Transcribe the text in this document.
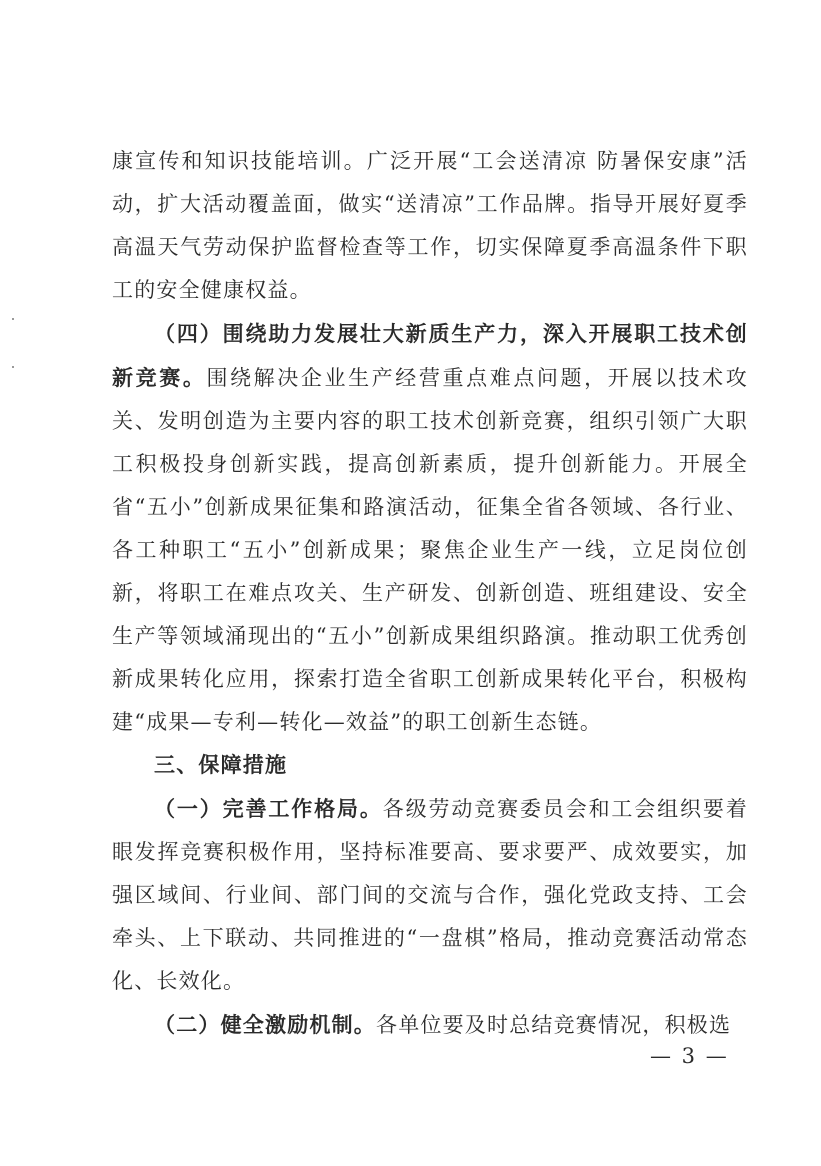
康宣传和知识技能培训。广泛开展“工会送清凉 防暑保安康”活动，扩大活动覆盖面，做实“送清凉”工作品牌。指导开展好夏季高温天气劳动保护监督检查等工作，切实保障夏季高温条件下职工的安全健康权益。

（四）围绕助力发展壮大新质生产力，深入开展职工技术创新竞赛。围绕解决企业生产经营重点难点问题，开展以技术攻关、发明创造为主要内容的职工技术创新竞赛，组织引领广大职工积极投身创新实践，提高创新素质，提升创新能力。开展全省“五小”创新成果征集和路演活动，征集全省各领域、各行业、各工种职工“五小”创新成果；聚焦企业生产一线，立足岗位创新，将职工在难点攻关、生产研发、创新创造、班组建设、安全生产等领域涌现出的“五小”创新成果组织路演。推动职工优秀创新成果转化应用，探索打造全省职工创新成果转化平台，积极构建“成果—专利—转化—效益”的职工创新生态链。

三、保障措施

（一）完善工作格局。各级劳动竞赛委员会和工会组织要着眼发挥竞赛积极作用，坚持标准要高、要求要严、成效要实，加强区域间、行业间、部门间的交流与合作，强化党政支持、工会牵头、上下联动、共同推进的“一盘棋”格局，推动竞赛活动常态化、长效化。

（二）健全激励机制。各单位要及时总结竞赛情况，积极选

— 3 —
